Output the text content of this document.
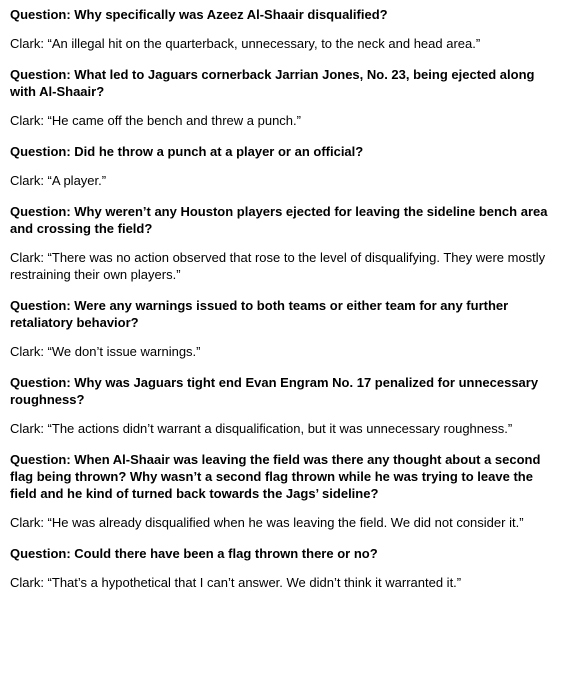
Question: Why specifically was Azeez Al-Shaair disqualified?

Clark: “An illegal hit on the quarterback, unnecessary, to the neck and head area.”

Question: What led to Jaguars cornerback Jarrian Jones, No. 23, being ejected along with Al-Shaair?

Clark: “He came off the bench and threw a punch.”

Question: Did he throw a punch at a player or an official?

Clark: “A player.”

Question: Why weren’t any Houston players ejected for leaving the sideline bench area and crossing the field?

Clark: “There was no action observed that rose to the level of disqualifying. They were mostly restraining their own players.”

Question: Were any warnings issued to both teams or either team for any further retaliatory behavior?

Clark: “We don’t issue warnings.”

Question: Why was Jaguars tight end Evan Engram No. 17 penalized for unnecessary roughness?

Clark: “The actions didn’t warrant a disqualification, but it was unnecessary roughness.”

Question: When Al-Shaair was leaving the field was there any thought about a second flag being thrown? Why wasn’t a second flag thrown while he was trying to leave the field and he kind of turned back towards the Jags’ sideline?

Clark: “He was already disqualified when he was leaving the field. We did not consider it.”

Question: Could there have been a flag thrown there or no?

Clark: “That’s a hypothetical that I can’t answer. We didn’t think it warranted it.”
